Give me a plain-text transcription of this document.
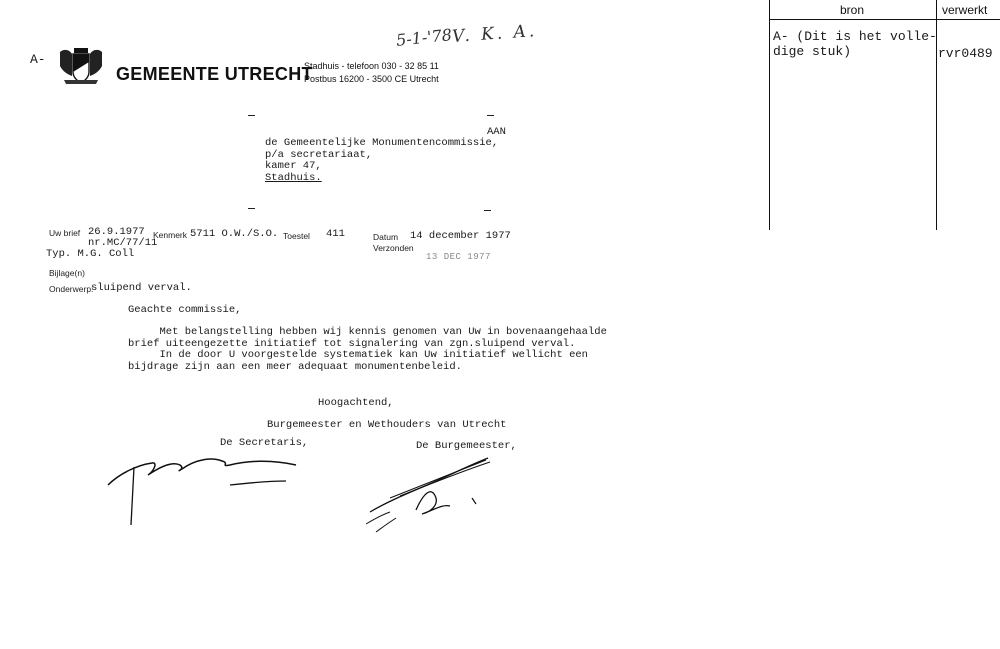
bron	verwerkt
A- (Dit is het volle-
dige stuk)	rvr0489
5-1-'78
V. K. A.
A-
GEMEENTE UTRECHT
Stadhuis - telefoon 030 - 32 85 11
Postbus 16200 - 3500 CE Utrecht
AAN
de Gemeentelijke Monumentencommissie,
p/a secretariaat,
kamer 47,
Stadhuis.
Uw brief 26.9.1977
nr.MC/77/11
Kenmerk 5711 O.W./S.O. Toestel 411	Datum 14 december 1977
Verzonden
13 DEC 1977
Typ. M.G. Coll
Bijlage(n)
Onderwerp:
sluipend verval.
Geachte commissie,
Met belangstelling hebben wij kennis genomen van Uw in bovenaangehaalde
brief uiteengezette initiatief tot signalering van zgn.sluipend verval.
In de door U voorgestelde systematiek kan Uw initiatief wellicht een
bijdrage zijn aan een meer adequaat monumentenbeleid.
Hoogachtend,
Burgemeester en Wethouders van Utrecht
De Secretaris,	De Burgemeester,
